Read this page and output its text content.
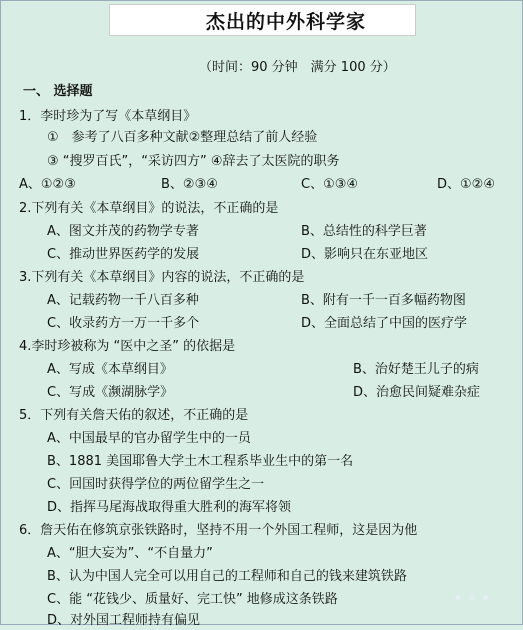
杰出的中外科学家
（时间：90 分钟　满分 100 分）
一、 选择题
1．李时珍为了写《本草纲目》
①　参考了八百多种文献②整理总结了前人经验
③ “搜罗百氏”，“采访四方” ④辞去了太医院的职务
A、①②③	B、②③④	C、①③④	D、①②④
2.下列有关《本草纲目》的说法，不正确的是
A、图文并茂的药物学专著	B、总结性的科学巨著
C、推动世界医药学的发展	D、影响只在东亚地区
3.下列有关《本草纲目》内容的说法，不正确的是
A、记载药物一千八百多种	B、附有一千一百多幅药物图
C、收录药方一万一千多个	D、全面总结了中国的医疗学
4.李时珍被称为 “医中之圣” 的依据是
A、写成《本草纲目》	B、治好楚王儿子的病
C、写成《濒湖脉学》	D、治愈民间疑难杂症
5．下列有关詹天佑的叙述，不正确的是
A、中国最早的官办留学生中的一员
B、1881 美国耶鲁大学土木工程系毕业生中的第一名
C、回国时获得学位的两位留学生之一
D、指挥马尾海战取得重大胜利的海军将领
6．詹天佑在修筑京张铁路时，坚持不用一个外国工程师，这是因为他
A、“胆大妄为”、“不自量力”
B、认为中国人完全可以用自己的工程师和自己的钱来建筑铁路
C、能 “花钱少、质量好、完工快” 地修成这条铁路
D、对外国工程师持有偏见
✦ ✧ ✦
